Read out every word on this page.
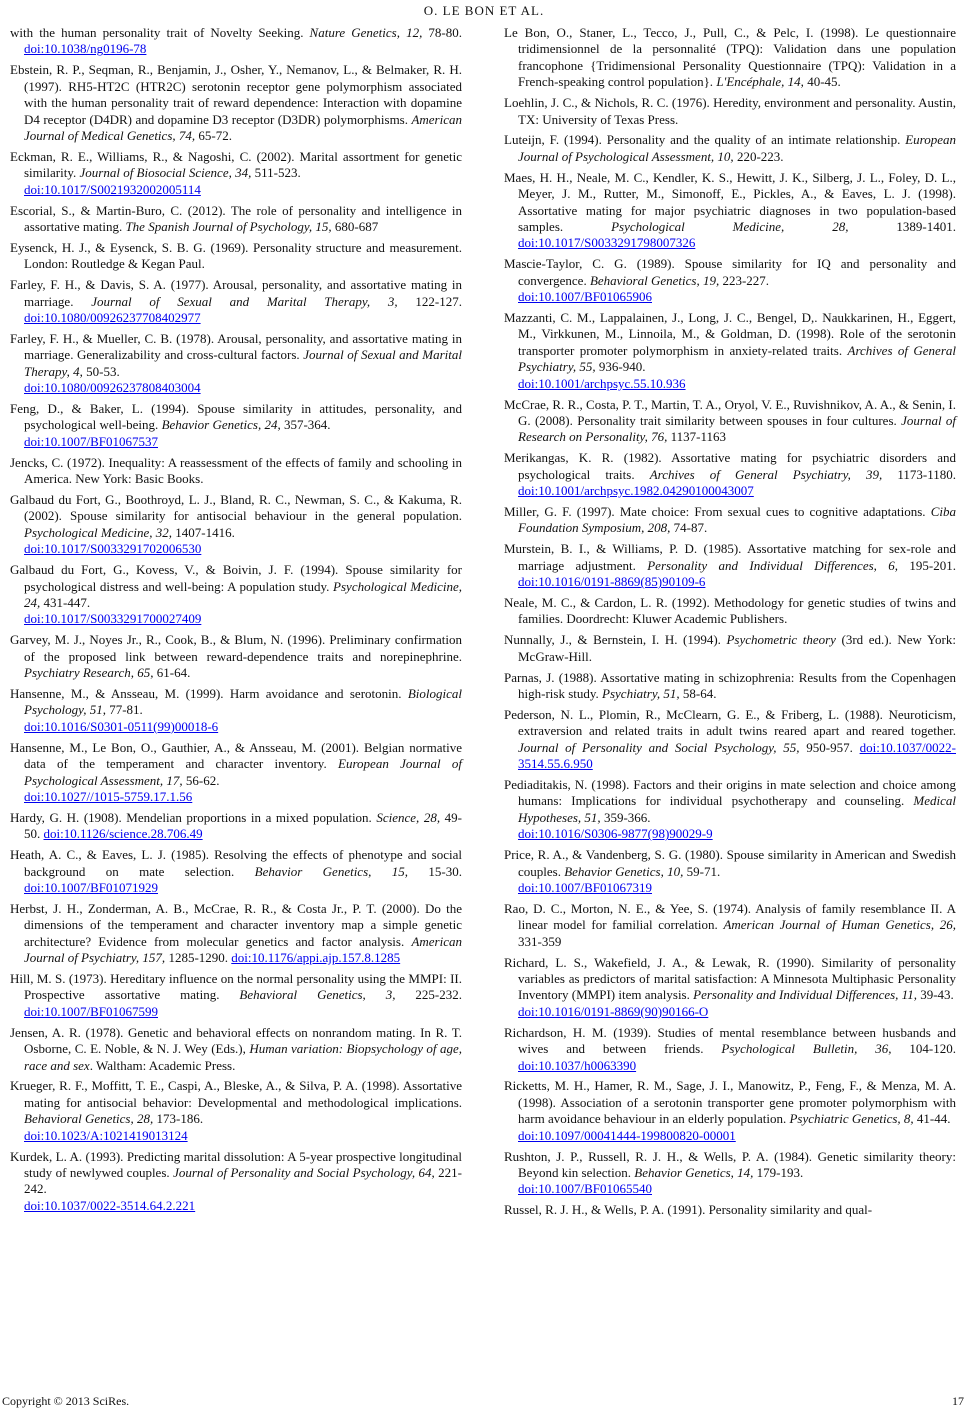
O. LE BON ET AL.

with the human personality trait of Novelty Seeking. Nature Genetics, 12, 78-80. doi:10.1038/ng0196-78

Ebstein, R. P., Seqman, R., Benjamin, J., Osher, Y., Nemanov, L., & Belmaker, R. H. (1997). RH5-HT2C (HTR2C) serotonin receptor gene polymorphism associated with the human personality trait of reward dependence: Interaction with dopamine D4 receptor (D4DR) and dopamine D3 receptor (D3DR) polymorphisms. American Journal of Medical Genetics, 74, 65-72.

Eckman, R. E., Williams, R., & Nagoshi, C. (2002). Marital assortment for genetic similarity. Journal of Biosocial Science, 34, 511-523.
doi:10.1017/S0021932002005114

Escorial, S., & Martin-Buro, C. (2012). The role of personality and intelligence in assortative mating. The Spanish Journal of Psychology, 15, 680-687

Eysenck, H. J., & Eysenck, S. B. G. (1969). Personality structure and measurement. London: Routledge & Kegan Paul.

Farley, F. H., & Davis, S. A. (1977). Arousal, personality, and assortative mating in marriage. Journal of Sexual and Marital Therapy, 3, 122-127. doi:10.1080/00926237708402977

Farley, F. H., & Mueller, C. B. (1978). Arousal, personality, and assortative mating in marriage. Generalizability and cross-cultural factors. Journal of Sexual and Marital Therapy, 4, 50-53.
doi:10.1080/00926237808403004

Feng, D., & Baker, L. (1994). Spouse similarity in attitudes, personality, and psychological well-being. Behavior Genetics, 24, 357-364.
doi:10.1007/BF01067537

Jencks, C. (1972). Inequality: A reassessment of the effects of family and schooling in America. New York: Basic Books.

Galbaud du Fort, G., Boothroyd, L. J., Bland, R. C., Newman, S. C., & Kakuma, R. (2002). Spouse similarity for antisocial behaviour in the general population. Psychological Medicine, 32, 1407-1416.
doi:10.1017/S0033291702006530

Galbaud du Fort, G., Kovess, V., & Boivin, J. F. (1994). Spouse similarity for psychological distress and well-being: A population study. Psychological Medicine, 24, 431-447.
doi:10.1017/S0033291700027409

Garvey, M. J., Noyes Jr., R., Cook, B., & Blum, N. (1996). Preliminary confirmation of the proposed link between reward-dependence traits and norepinephrine. Psychiatry Research, 65, 61-64.

Hansenne, M., & Ansseau, M. (1999). Harm avoidance and serotonin. Biological Psychology, 51, 77-81.
doi:10.1016/S0301-0511(99)00018-6

Hansenne, M., Le Bon, O., Gauthier, A., & Ansseau, M. (2001). Belgian normative data of the temperament and character inventory. European Journal of Psychological Assessment, 17, 56-62.
doi:10.1027//1015-5759.17.1.56

Hardy, G. H. (1908). Mendelian proportions in a mixed population. Science, 28, 49-50. doi:10.1126/science.28.706.49

Heath, A. C., & Eaves, L. J. (1985). Resolving the effects of phenotype and social background on mate selection. Behavior Genetics, 15, 15-30. doi:10.1007/BF01071929

Herbst, J. H., Zonderman, A. B., McCrae, R. R., & Costa Jr., P. T. (2000). Do the dimensions of the temperament and character inventory map a simple genetic architecture? Evidence from molecular genetics and factor analysis. American Journal of Psychiatry, 157, 1285-1290. doi:10.1176/appi.ajp.157.8.1285

Hill, M. S. (1973). Hereditary influence on the normal personality using the MMPI: II. Prospective assortative mating. Behavioral Genetics, 3, 225-232. doi:10.1007/BF01067599

Jensen, A. R. (1978). Genetic and behavioral effects on nonrandom mating. In R. T. Osborne, C. E. Noble, & N. J. Wey (Eds.), Human variation: Biopsychology of age, race and sex. Waltham: Academic Press.

Krueger, R. F., Moffitt, T. E., Caspi, A., Bleske, A., & Silva, P. A. (1998). Assortative mating for antisocial behavior: Developmental and methodological implications. Behavioral Genetics, 28, 173-186.
doi:10.1023/A:1021419013124

Kurdek, L. A. (1993). Predicting marital dissolution: A 5-year prospective longitudinal study of newlywed couples. Journal of Personality and Social Psychology, 64, 221-242.
doi:10.1037/0022-3514.64.2.221

Le Bon, O., Staner, L., Tecco, J., Pull, C., & Pelc, I. (1998). Le questionnaire tridimensionnel de la personnalité (TPQ): Validation dans une population francophone {Tridimensional Personality Questionnaire (TPQ): Validation in a French-speaking control population}. L'Encéphale, 14, 40-45.

Loehlin, J. C., & Nichols, R. C. (1976). Heredity, environment and personality. Austin, TX: University of Texas Press.

Luteijn, F. (1994). Personality and the quality of an intimate relationship. European Journal of Psychological Assessment, 10, 220-223.

Maes, H. H., Neale, M. C., Kendler, K. S., Hewitt, J. K., Silberg, J. L., Foley, D. L., Meyer, J. M., Rutter, M., Simonoff, E., Pickles, A., & Eaves, L. J. (1998). Assortative mating for major psychiatric diagnoses in two population-based samples. Psychological Medicine, 28, 1389-1401. doi:10.1017/S0033291798007326

Mascie-Taylor, C. G. (1989). Spouse similarity for IQ and personality and convergence. Behavioral Genetics, 19, 223-227.
doi:10.1007/BF01065906

Mazzanti, C. M., Lappalainen, J., Long, J. C., Bengel, D,. Naukkarinen, H., Eggert, M., Virkkunen, M., Linnoila, M., & Goldman, D. (1998). Role of the serotonin transporter promoter polymorphism in anxiety-related traits. Archives of General Psychiatry, 55, 936-940.
doi:10.1001/archpsyc.55.10.936

McCrae, R. R., Costa, P. T., Martin, T. A., Oryol, V. E., Ruvishnikov, A. A., & Senin, I. G. (2008). Personality trait similarity between spouses in four cultures. Journal of Research on Personality, 76, 1137-1163

Merikangas, K. R. (1982). Assortative mating for psychiatric disorders and psychological traits. Archives of General Psychiatry, 39, 1173-1180. doi:10.1001/archpsyc.1982.04290100043007

Miller, G. F. (1997). Mate choice: From sexual cues to cognitive adaptations. Ciba Foundation Symposium, 208, 74-87.

Murstein, B. I., & Williams, P. D. (1985). Assortative matching for sex-role and marriage adjustment. Personality and Individual Differences, 6, 195-201. doi:10.1016/0191-8869(85)90109-6

Neale, M. C., & Cardon, L. R. (1992). Methodology for genetic studies of twins and families. Doordrecht: Kluwer Academic Publishers.

Nunnally, J., & Bernstein, I. H. (1994). Psychometric theory (3rd ed.). New York: McGraw-Hill.

Parnas, J. (1988). Assortative mating in schizophrenia: Results from the Copenhagen high-risk study. Psychiatry, 51, 58-64.

Pederson, N. L., Plomin, R., McClearn, G. E., & Friberg, L. (1988). Neuroticism, extraversion and related traits in adult twins reared apart and reared together. Journal of Personality and Social Psychology, 55, 950-957. doi:10.1037/0022-3514.55.6.950

Pediaditakis, N. (1998). Factors and their origins in mate selection and choice among humans: Implications for individual psychotherapy and counseling. Medical Hypotheses, 51, 359-366.
doi:10.1016/S0306-9877(98)90029-9

Price, R. A., & Vandenberg, S. G. (1980). Spouse similarity in American and Swedish couples. Behavior Genetics, 10, 59-71.
doi:10.1007/BF01067319

Rao, D. C., Morton, N. E., & Yee, S. (1974). Analysis of family resemblance II. A linear model for familial correlation. American Journal of Human Genetics, 26, 331-359

Richard, L. S., Wakefield, J. A., & Lewak, R. (1990). Similarity of personality variables as predictors of marital satisfaction: A Minnesota Multiphasic Personality Inventory (MMPI) item analysis. Personality and Individual Differences, 11, 39-43.
doi:10.1016/0191-8869(90)90166-O

Richardson, H. M. (1939). Studies of mental resemblance between husbands and wives and between friends. Psychological Bulletin, 36, 104-120. doi:10.1037/h0063390

Ricketts, M. H., Hamer, R. M., Sage, J. I., Manowitz, P., Feng, F., & Menza, M. A. (1998). Association of a serotonin transporter gene promoter polymorphism with harm avoidance behaviour in an elderly population. Psychiatric Genetics, 8, 41-44.
doi:10.1097/00041444-199800820-00001

Rushton, J. P., Russell, R. J. H., & Wells, P. A. (1984). Genetic similarity theory: Beyond kin selection. Behavior Genetics, 14, 179-193.
doi:10.1007/BF01065540

Russel, R. J. H., & Wells, P. A. (1991). Personality similarity and qual-

Copyright © 2013 SciRes.	17
